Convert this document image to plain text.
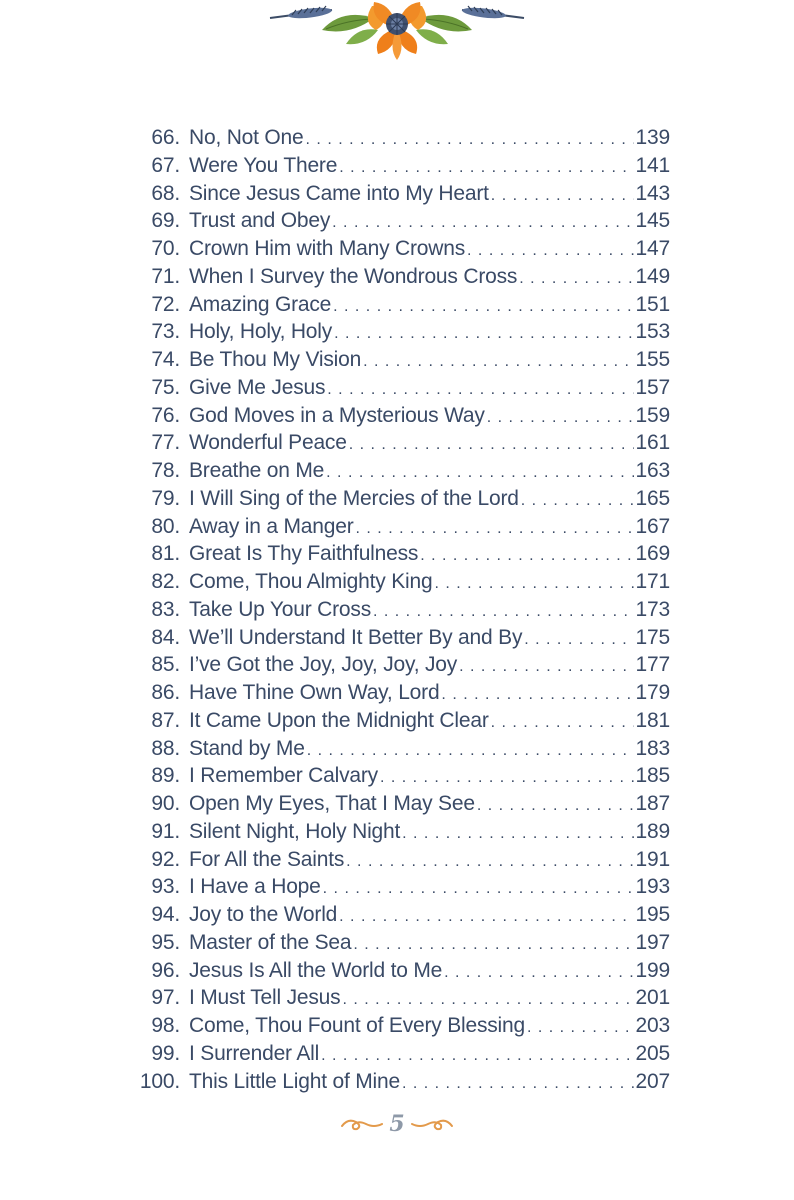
66. No, Not One . . .	139
67. Were You There . . .	141
68. Since Jesus Came into My Heart . . .	143
69. Trust and Obey . . .	145
70. Crown Him with Many Crowns . . .	147
71. When I Survey the Wondrous Cross . . .	149
72. Amazing Grace . . .	151
73. Holy, Holy, Holy . . .	153
74. Be Thou My Vision . . .	155
75. Give Me Jesus . . .	157
76. God Moves in a Mysterious Way . . .	159
77. Wonderful Peace . . .	161
78. Breathe on Me . . .	163
79. I Will Sing of the Mercies of the Lord . . .	165
80. Away in a Manger . . .	167
81. Great Is Thy Faithfulness . . .	169
82. Come, Thou Almighty King . . .	171
83. Take Up Your Cross . . .	173
84. We’ll Understand It Better By and By . . .	175
85. I’ve Got the Joy, Joy, Joy, Joy . . .	177
86. Have Thine Own Way, Lord . . .	179
87. It Came Upon the Midnight Clear . . .	181
88. Stand by Me . . .	183
89. I Remember Calvary . . .	185
90. Open My Eyes, That I May See . . .	187
91. Silent Night, Holy Night . . .	189
92. For All the Saints . . .	191
93. I Have a Hope . . .	193
94. Joy to the World . . .	195
95. Master of the Sea . . .	197
96. Jesus Is All the World to Me . . .	199
97. I Must Tell Jesus . . .	201
98. Come, Thou Fount of Every Blessing . . .	203
99. I Surrender All . . .	205
100. This Little Light of Mine . . .	207
5
